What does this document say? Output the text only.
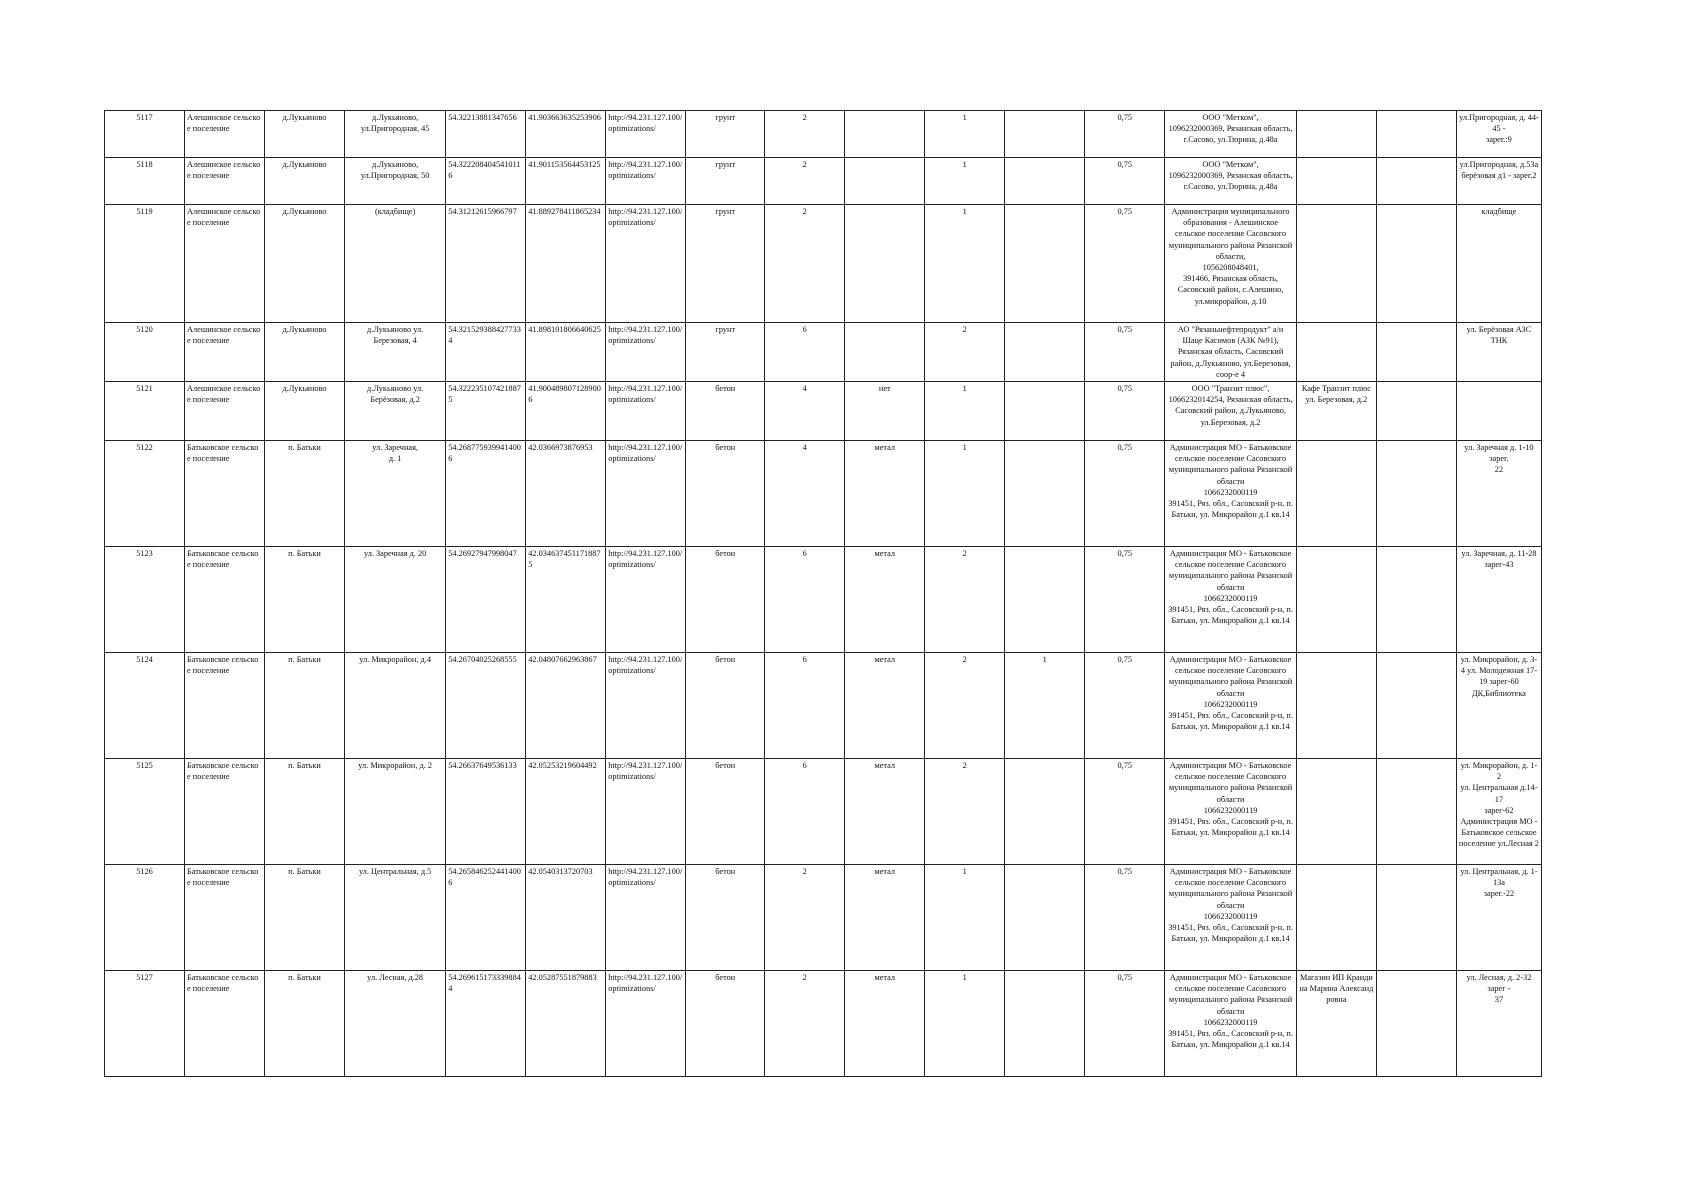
5117	Алешинское сельское поселение	д.Лукьяново	д.Лукьяново,
ул.Пригородная, 45	54.32213881347656	41.903663635253906	http://94.231.127.100/optimizations/	грунт	2		1		0,75	ООО "Метком",
1096232000369, Рязанская область, г.Сасово, ул.Тюрина, д.48а			ул.Пригородная, д. 44-45 -
зарег.:9
5118	Алешинское сельское поселение	д.Лукьяново	д.Лукьяново,
ул.Пригородная, 50	54.3222084045410116	41.901153564453125	http://94.231.127.100/optimizations/	грунт	2		1		0,75	ООО "Метком",
1096232000369, Рязанская область, г.Сасово, ул.Тюрина, д.48а			ул.Пригородная, д.53а
берёзовая д1 - зарег.2
5119	Алешинское сельское поселение	д.Лукьяново	(кладбище)	54.31212615966797	41.889278411865234	http://94.231.127.100/optimizations/	грунт	2		1		0,75	Администрация муниципального образования - Алешинское сельское поселение Сасовского муниципального района Рязанской области,
1056208048401,
391466, Рязанская область, Сасовский район, с.Алешино, ул.микрорайон, д.10			кладбище
5120	Алешинское сельское поселение	д.Лукьяново	д.Лукьяново ул.
Березовая, 4	54.3215293884277334	41.898101806640625	http://94.231.127.100/optimizations/	грунт	6		2		0,75	АО "Рязаньнефтепродукт" а/и Шаце Касимов (АЗК №91), Рязанская область, Сасовский район, д.Лукьяново, ул.Березовая, соор-е 4			ул. Берёзовая АЗС ТНК
5121	Алешинское сельское поселение	д.Лукьяново	д.Лукьяново ул.
Берёзовая, д.2	54.3222351074218875	41.9004898071289006	http://94.231.127.100/optimizations/	бетон	4	нет	1		0,75	ООО "Транзит плюс",
1066232014254, Рязанская область, Сасовский район, д.Лукьяново, ул.Березовая, д.2	Кафе Транзит плюс ул. Березовая, д.2		
5122	Батьковское сельское поселение	п. Батьки	ул. Заречная,
д. 1	54.2687759399414006	42.0366973876953	http://94.231.127.100/optimizations/	бетон	4	метал	1		0,75	Администрация МО - Батьковское сельское поселение Сасовского муниципального района Рязанской области
1066232000119
391451, Ряз. обл., Сасовский р-н, п. Батьки, ул. Микрорайон д.1 кв.14			ул. Заречная д. 1-10 зарег.
22
5123	Батьковское сельское поселение	п. Батьки	ул. Заречная д. 20	54.26927947998047	42.0346374511718875	http://94.231.127.100/optimizations/	бетон	6	метал	2		0,75	Администрация МО - Батьковское сельское поселение Сасовского муниципального района Рязанской области
1066232000119
391451, Ряз. обл., Сасовский р-н, п. Батьки, ул. Микрорайон д.1 кв.14			ул. Заречная, д. 11-28
зарег-43
5124	Батьковское сельское поселение	п. Батьки	ул. Микрорайон, д.4	54.26704025268555	42.04807662963867	http://94.231.127.100/optimizations/	бетон	6	метал	2	1	0,75	Администрация МО - Батьковское сельское поселение Сасовского муниципального района Рязанской области
1066232000119
391451, Ряз. обл., Сасовский р-н, п. Батьки, ул. Микрорайон д.1 кв.14			ул. Микрорайон, д. 3-4 ул. Молодежная 17-19 зарег-60 ДК,Библиотека
5125	Батьковское сельское поселение	п. Батьки	ул. Микрорайон, д. 2	54.26637649536133	42.05253219604492	http://94.231.127.100/optimizations/	бетон	6	метал	2		0,75	Администрация МО - Батьковское сельское поселение Сасовского муниципального района Рязанской области
1066232000119
391451, Ряз. обл., Сасовский р-н, п. Батьки, ул. Микрорайон д.1 кв.14			ул. Микрорайон, д. 1- 2
ул. Центральная д.14-17
зарег-62 Администрация МО - Батьковское сельское поселение ул.Лесная 2
5126	Батьковское сельское поселение	п. Батьки	ул. Центральная, д.5	54.2658462524414006	42.0540313720703	http://94.231.127.100/optimizations/	бетон	2	метал	1		0,75	Администрация МО - Батьковское сельское поселение Сасовского муниципального района Рязанской области
1066232000119
391451, Ряз. обл., Сасовский р-н, п. Батьки, ул. Микрорайон д.1 кв.14			ул. Центральная, д. 1-13а
зарег.-22
5127	Батьковское сельское поселение	п. Батьки	ул. Лесная, д.28	54.2696151733398844	42.05287551879883	http://94.231.127.100/optimizations/	бетон	2	метал	1		0,75	Администрация МО - Батьковское сельское поселение Сасовского муниципального района Рязанской области
1066232000119
391451, Ряз. обл., Сасовский р-н, п. Батьки, ул. Микрорайон д.1 кв.14	Магазин ИП Краидина Марина Александровна		ул. Лесная, д. 2-32 зарег -
37
